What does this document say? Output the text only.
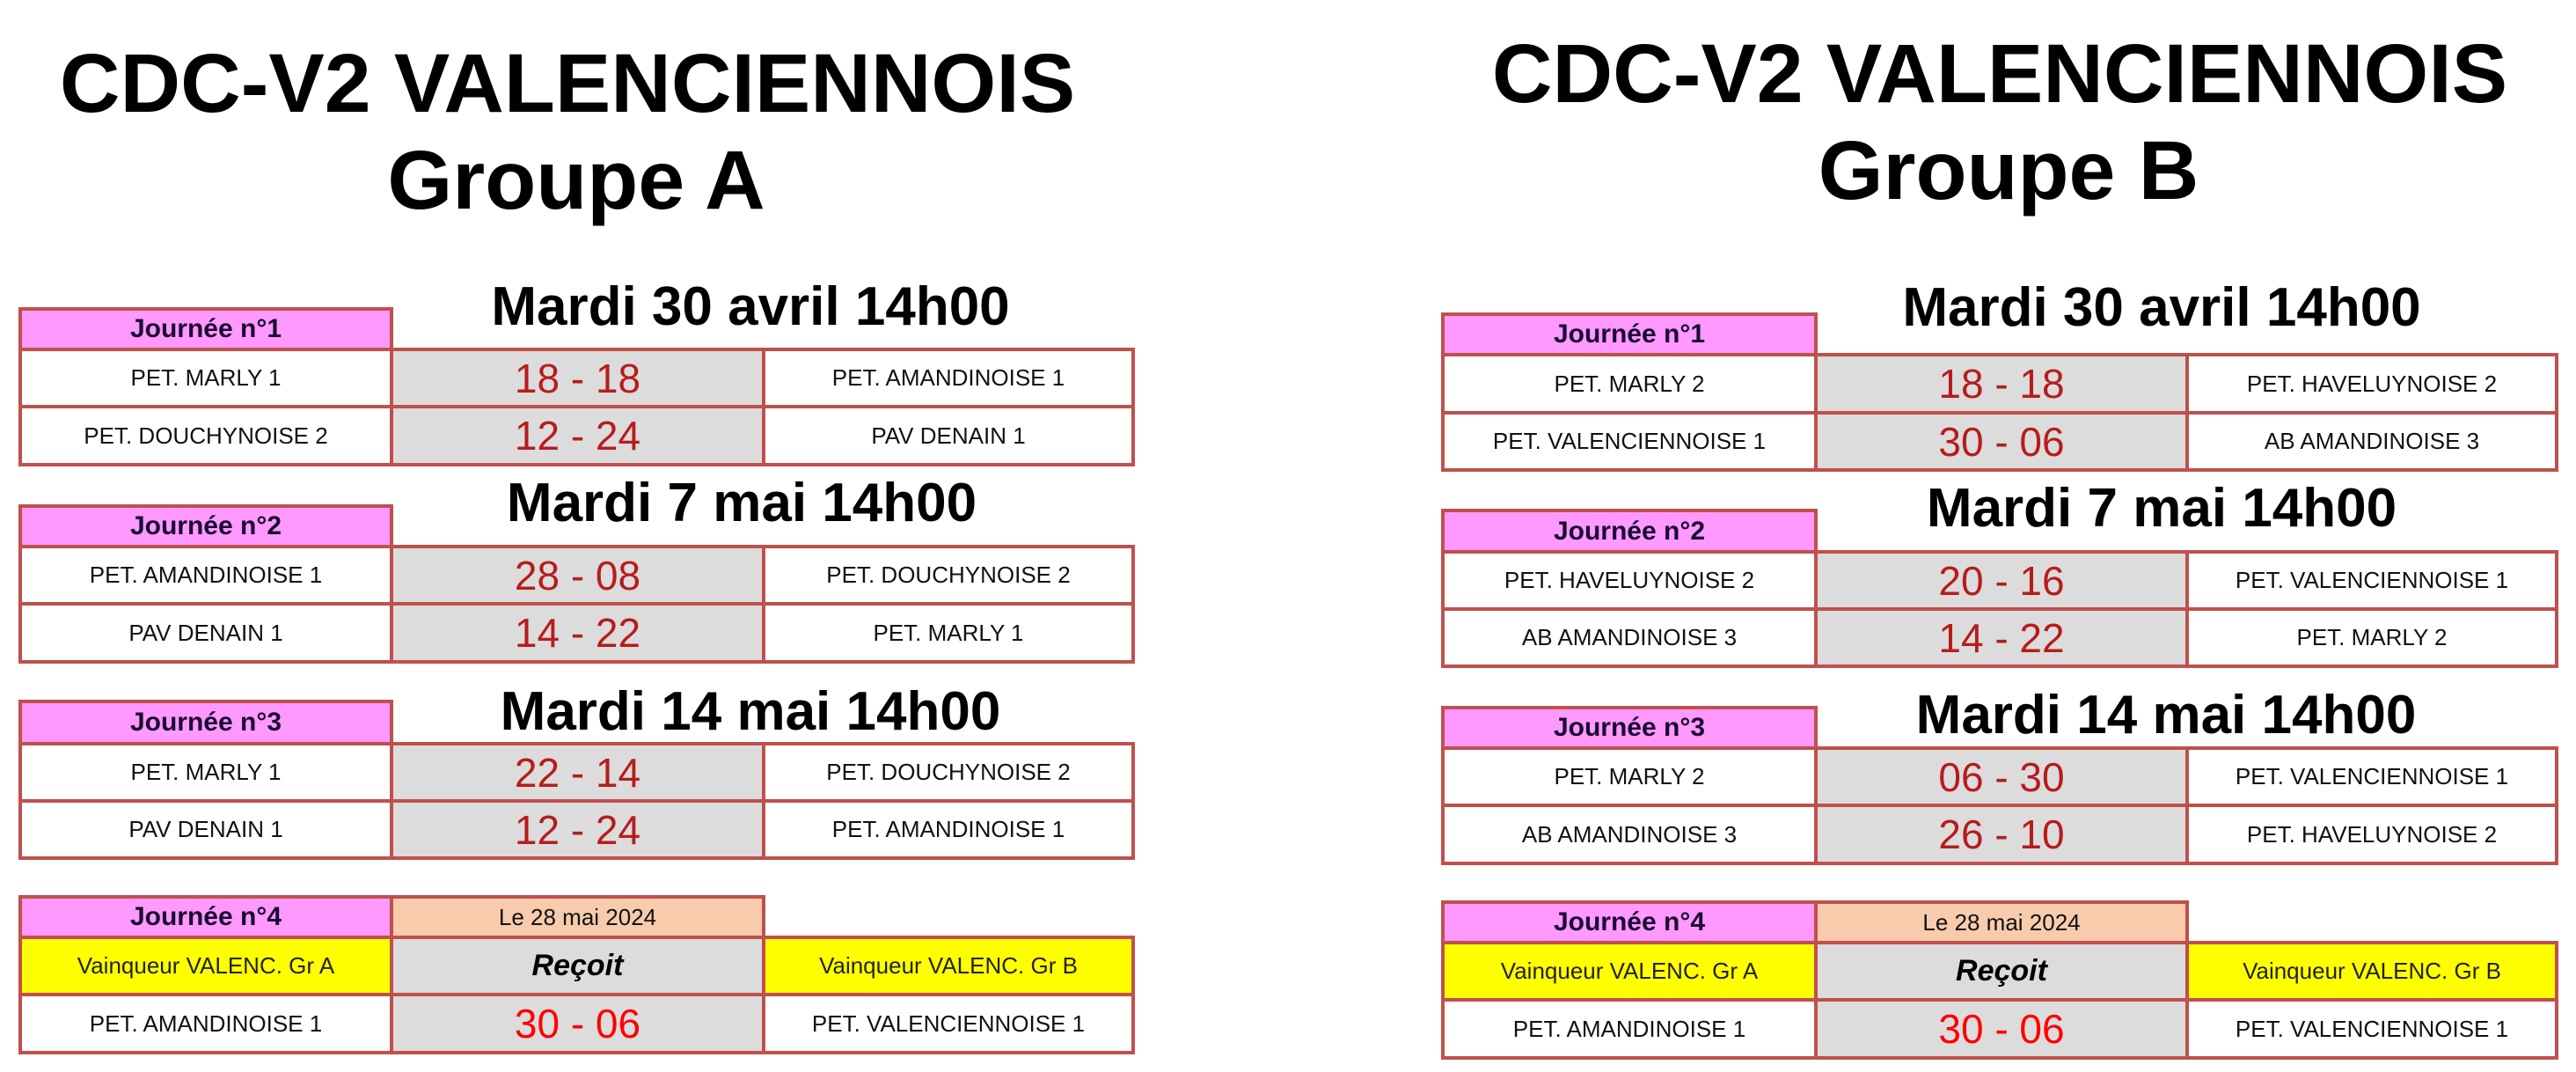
CDC-V2 VALENCIENNOIS
Groupe A
Mardi 30 avril 14h00
Journée n°1
PET. MARLY 1	18 - 18	PET. AMANDINOISE 1
PET. DOUCHYNOISE 2	12 - 24	PAV DENAIN 1
Mardi 7 mai 14h00
Journée n°2
PET. AMANDINOISE 1	28 - 08	PET. DOUCHYNOISE 2
PAV DENAIN 1	14 - 22	PET. MARLY 1
Mardi 14 mai 14h00
Journée n°3
PET. MARLY 1	22 - 14	PET. DOUCHYNOISE 2
PAV DENAIN 1	12 - 24	PET. AMANDINOISE 1
Journée n°4	Le 28 mai 2024
Vainqueur VALENC. Gr A	Reçoit	Vainqueur VALENC. Gr B
PET. AMANDINOISE 1	30 - 06	PET. VALENCIENNOISE 1
CDC-V2 VALENCIENNOIS
Groupe B
Mardi 30 avril 14h00
Journée n°1
PET. MARLY 2	18 - 18	PET. HAVELUYNOISE 2
PET. VALENCIENNOISE 1	30 - 06	AB AMANDINOISE 3
Mardi 7 mai 14h00
Journée n°2
PET. HAVELUYNOISE 2	20 - 16	PET. VALENCIENNOISE 1
AB AMANDINOISE 3	14 - 22	PET. MARLY 2
Mardi 14 mai 14h00
Journée n°3
PET. MARLY 2	06 - 30	PET. VALENCIENNOISE 1
AB AMANDINOISE 3	26 - 10	PET. HAVELUYNOISE 2
Journée n°4	Le 28 mai 2024
Vainqueur VALENC. Gr A	Reçoit	Vainqueur VALENC. Gr B
PET. AMANDINOISE 1	30 - 06	PET. VALENCIENNOISE 1
